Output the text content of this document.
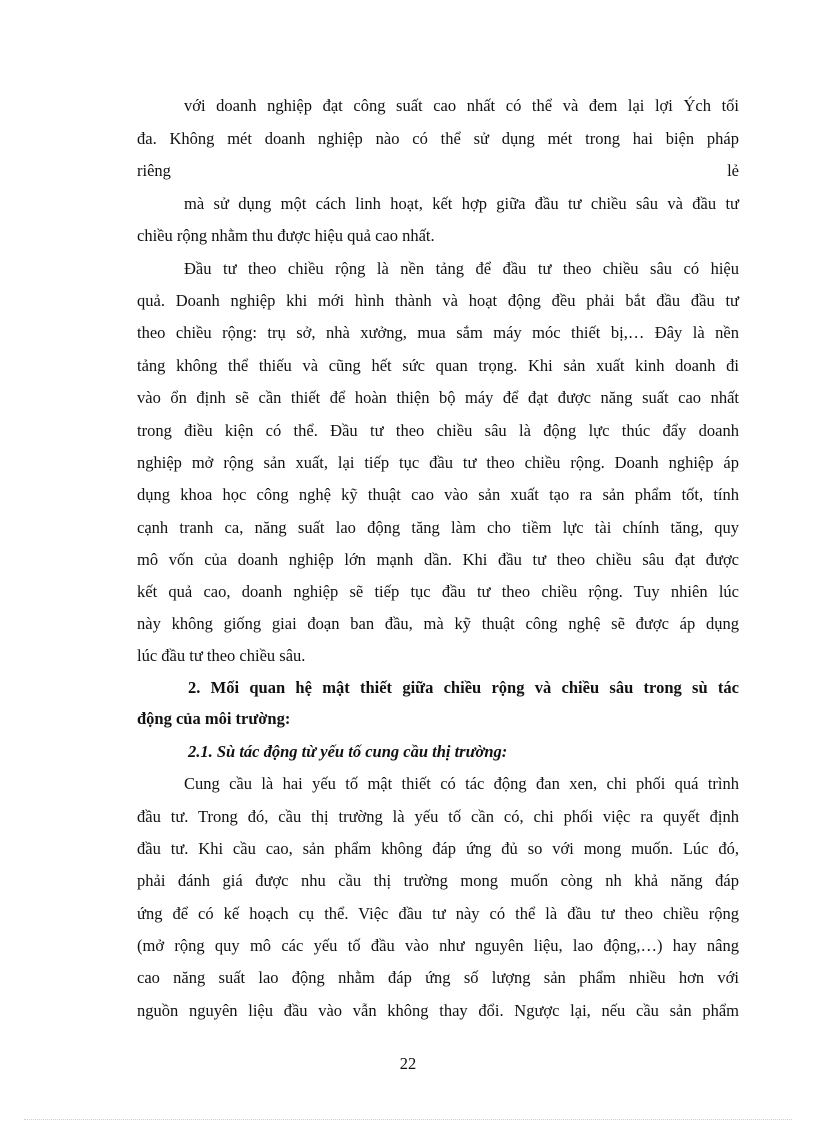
với doanh nghiệp đạt công suất cao nhất có thể và đem lại lợi Ých tối
đa. Không mét doanh nghiệp nào có thể sử dụng mét trong hai biện pháp
riêng	lẻ
mà sử dụng một cách linh hoạt, kết hợp giữa đầu tư chiều sâu và đầu tư
chiều rộng nhằm thu được hiệu quả cao nhất.
Đầu tư theo chiều rộng là nền tảng để đầu tư theo chiều sâu có hiệu
quả. Doanh nghiệp khi mới hình thành và hoạt động đều phải bắt đầu đầu tư
theo chiều rộng: trụ sở, nhà xưởng, mua sắm máy móc thiết bị,… Đây là nền
tảng không thể thiếu và cũng hết sức quan trọng. Khi sản xuất kinh doanh đi
vào ổn định sẽ cần thiết để hoàn thiện bộ máy để đạt được năng suất cao nhất
trong điều kiện có thể. Đầu tư theo chiều sâu là động lực thúc đẩy doanh
nghiệp mở rộng sản xuất, lại tiếp tục đầu tư theo chiều rộng. Doanh nghiệp áp
dụng khoa học công nghệ kỹ thuật cao vào sản xuất tạo ra sản phẩm tốt, tính
cạnh tranh ca, năng suất lao động tăng làm cho tiềm lực tài chính tăng, quy
mô vốn của doanh nghiệp lớn mạnh dần. Khi đầu tư theo chiều sâu đạt được
kết quả cao, doanh nghiệp sẽ tiếp tục đầu tư theo chiều rộng. Tuy nhiên lúc
này không giống giai đoạn ban đầu, mà kỹ thuật công nghệ sẽ được áp dụng
lúc đầu tư theo chiều sâu.
2. Mối quan hệ mật thiết giữa chiều rộng và chiều sâu trong sù tác
động của môi trường:
2.1. Sù tác động từ yếu tố cung cầu thị trường:
Cung cầu là hai yếu tố mật thiết có tác động đan xen, chi phối quá trình
đầu tư. Trong đó, cầu thị trường là yếu tố cần có, chi phối việc ra quyết định
đầu tư. Khi cầu cao, sản phẩm không đáp ứng đủ so với mong muốn. Lúc đó,
phải đánh giá được nhu cầu thị trường mong muốn còng nh khả năng đáp
ứng để có kế hoạch cụ thể. Việc đầu tư này có thể là đầu tư theo chiều rộng
(mở rộng quy mô các yếu tố đầu vào như nguyên liệu, lao động,…) hay nâng
cao năng suất lao động nhằm đáp ứng số lượng sản phẩm nhiều hơn với
nguồn nguyên liệu đầu vào vẫn không thay đổi. Ngược lại, nếu cầu sản phẩm
22
